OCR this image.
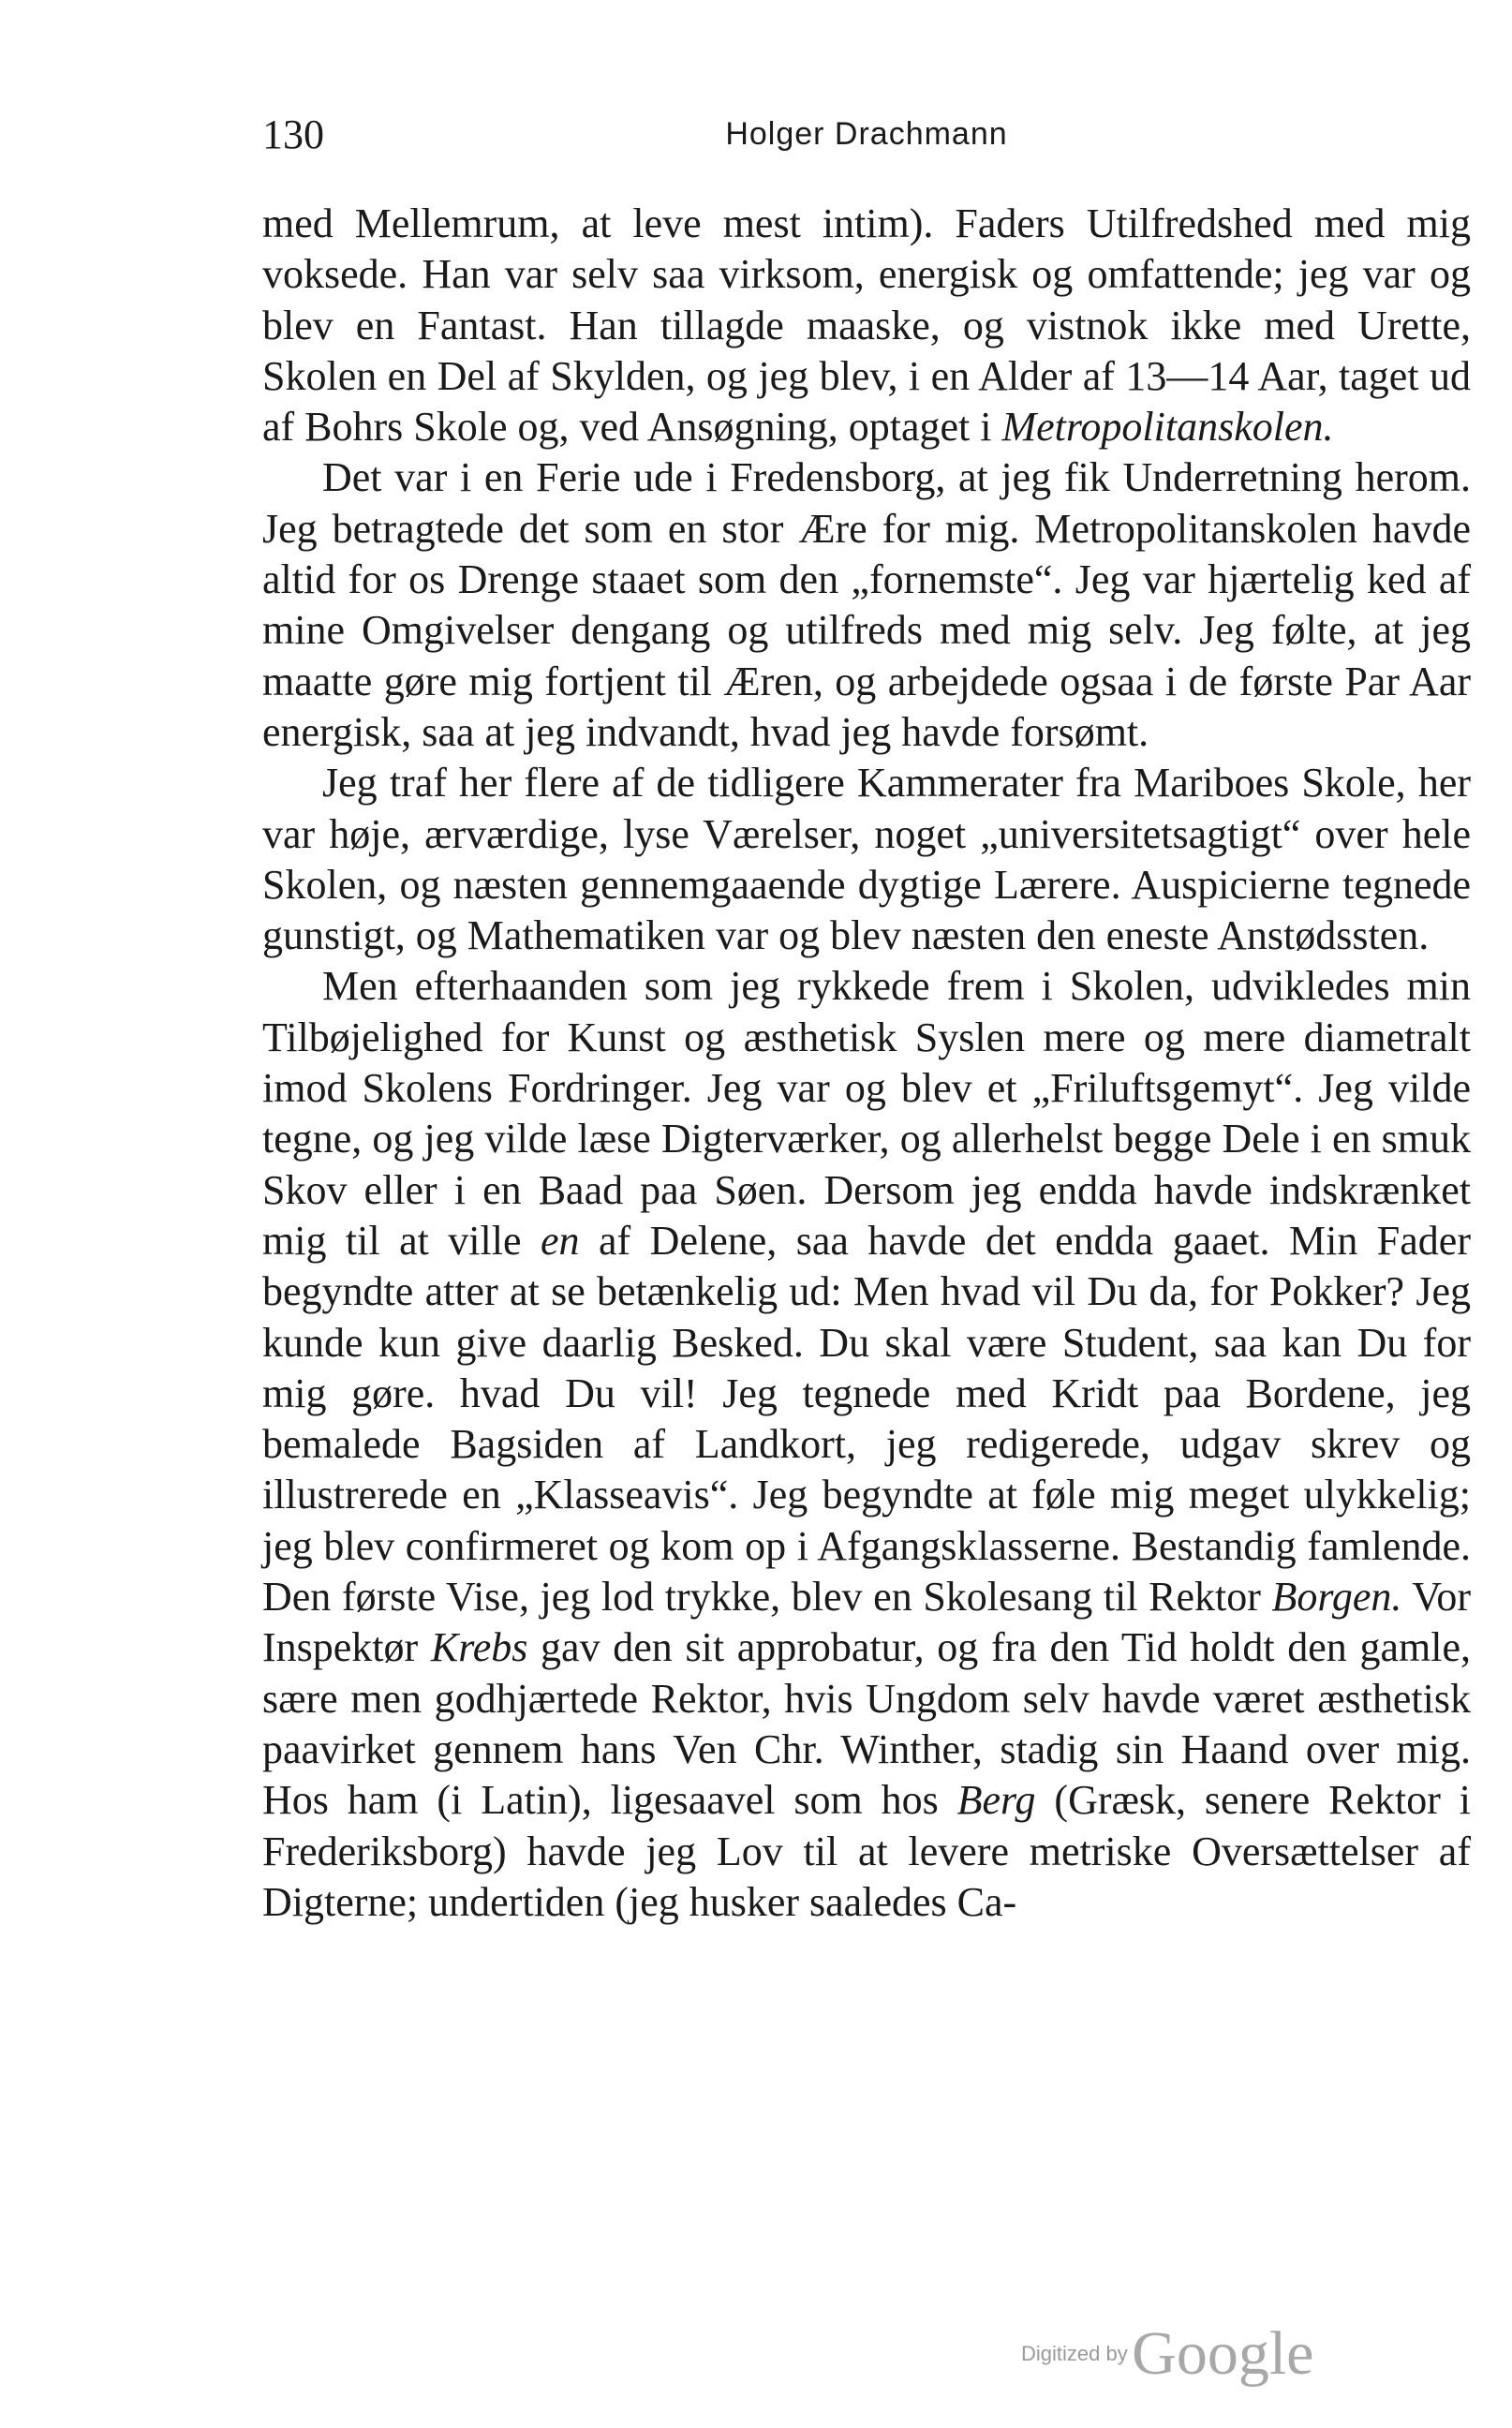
130	Holger Drachmann

med Mellemrum, at leve mest intim). Faders Utilfredshed med mig voksede. Han var selv saa virksom, energisk og omfattende; jeg var og blev en Fantast. Han tillagde maaske, og vistnok ikke med Urette, Skolen en Del af Skylden, og jeg blev, i en Alder af 13—14 Aar, taget ud af Bohrs Skole og, ved Ansøgning, optaget i Metropolitanskolen.

Det var i en Ferie ude i Fredensborg, at jeg fik Underretning herom. Jeg betragtede det som en stor Ære for mig. Metropolitanskolen havde altid for os Drenge staaet som den „fornemste“. Jeg var hjærtelig ked af mine Omgivelser dengang og utilfreds med mig selv. Jeg følte, at jeg maatte gøre mig fortjent til Æren, og arbejdede ogsaa i de første Par Aar energisk, saa at jeg indvandt, hvad jeg havde forsømt.

Jeg traf her flere af de tidligere Kammerater fra Mariboes Skole, her var høje, ærværdige, lyse Værelser, noget „universitetsagtigt“ over hele Skolen, og næsten gennemgaaende dygtige Lærere. Auspicierne tegnede gunstigt, og Mathematiken var og blev næsten den eneste Anstødssten.

Men efterhaanden som jeg rykkede frem i Skolen, udvikledes min Tilbøjelighed for Kunst og æsthetisk Syslen mere og mere diametralt imod Skolens Fordringer. Jeg var og blev et „Friluftsgemyt“. Jeg vilde tegne, og jeg vilde læse Digterværker, og allerhelst begge Dele i en smuk Skov eller i en Baad paa Søen. Dersom jeg endda havde indskrænket mig til at ville en af Delene, saa havde det endda gaaet. Min Fader begyndte atter at se betænkelig ud: Men hvad vil Du da, for Pokker? Jeg kunde kun give daarlig Besked. Du skal være Student, saa kan Du for mig gøre. hvad Du vil! Jeg tegnede med Kridt paa Bordene, jeg bemalede Bagsiden af Landkort, jeg redigerede, udgav skrev og illustrerede en „Klasseavis“. Jeg begyndte at føle mig meget ulykkelig; jeg blev confirmeret og kom op i Afgangsklasserne. Bestandig famlende. Den første Vise, jeg lod trykke, blev en Skolesang til Rektor Borgen. Vor Inspektør Krebs gav den sit approbatur, og fra den Tid holdt den gamle, sære men godhjærtede Rektor, hvis Ungdom selv havde været æsthetisk paavirket gennem hans Ven Chr. Winther, stadig sin Haand over mig. Hos ham (i Latin), ligesaavel som hos Berg (Græsk, senere Rektor i Frederiksborg) havde jeg Lov til at levere metriske Oversættelser af Digterne; undertiden (jeg husker saaledes Ca-

Digitized by Google
